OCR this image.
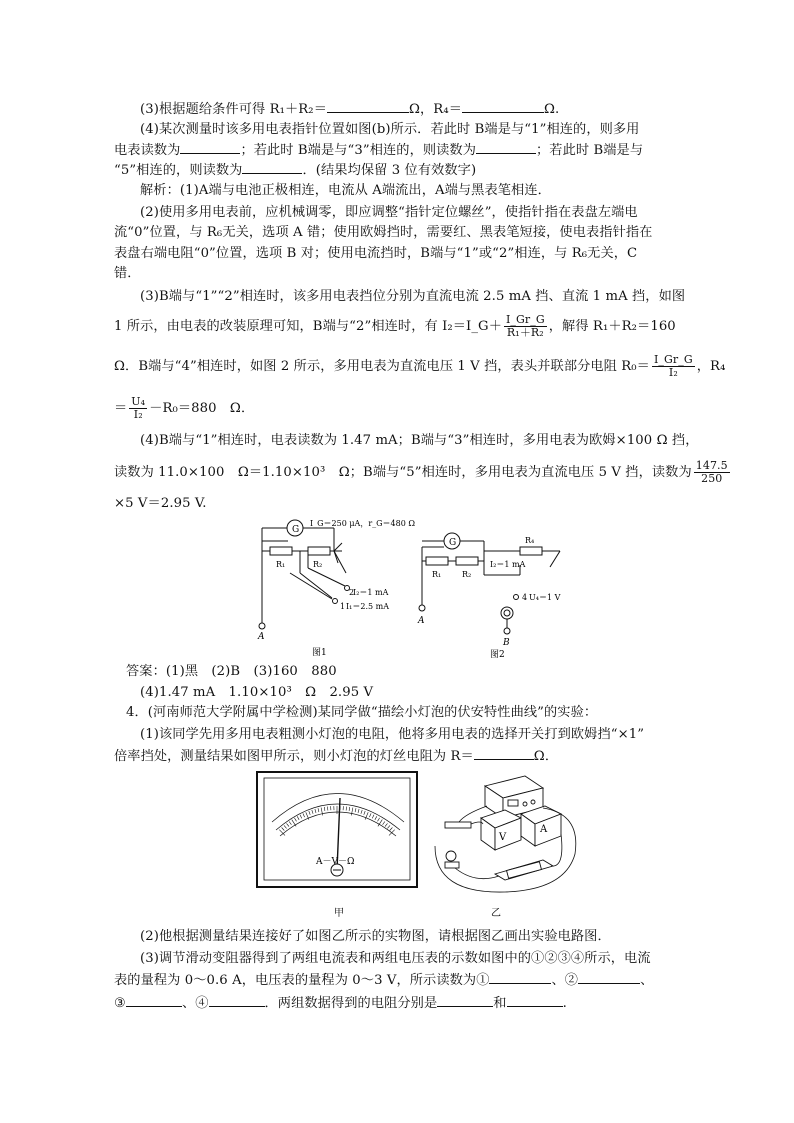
(3)根据题给条件可得 R₁＋R₂＝	Ω，R₄＝	Ω.
(4)某次测量时该多用电表指针位置如图(b)所示．若此时 B端是与“1”相连的，则多用
电表读数为	；若此时 B端是与“3”相连的，则读数为	；若此时 B端是与
“5”相连的，则读数为	．(结果均保留 3 位有效数字)
解析：(1)A端与电池正极相连，电流从 A端流出，A端与黑表笔相连．
(2)使用多用电表前，应机械调零，即应调整“指针定位螺丝”，使指针指在表盘左端电
流“0”位置，与 R₆无关，选项 A 错；使用欧姆挡时，需要红、黑表笔短接，使电表指针指在
表盘右端电阻“0”位置，选项 B 对；使用电流挡时，B端与“1”或“2”相连，与 R₆无关，C
错．
(3)B端与“1”“2”相连时，该多用电表挡位分别为直流电流 2.5 mA 挡、直流 1 mA 挡，如图
1 所示，由电表的改装原理可知，B端与“2”相连时，有 I₂＝I_G＋ $\frac{I\_Gr\_G}{\text{R₁＋R₂}}$ ，解得 R₁＋R₂＝160
Ω．B端与“4”相连时，如图 2 所示，多用电表为直流电压 1 V 挡，表头并联部分电阻 $R_0= \frac{I\_Gr\_G}{\text{I₂}}$ ，R₄
＝ $\frac{\text{U₄}}{\text{I₂}} -R_0=880$　Ω．
(4)B端与“1”相连时，电表读数为 1.47 mA；B端与“3”相连时，多用电表为欧姆×100 Ω 挡，
读数为 11.0×100　Ω＝1.10×10³　Ω；B端与“5”相连时，多用电表为直流电压 5 V 挡，读数为 $\frac{147.5}{250}$
×5 V＝2.95 V.
G
I_G＝250 μA，r_G＝480 Ω
R₁	R₂
2
I₂＝1 mA
1 I₁＝2.5 mA
A
图1
G
R₁	R₂
R₄
I₂＝1 mA
4 U₄＝1 V
A
B
图2
答案：(1)黑　(2)B　(3)160　880
(4)1.47 mA　1.10×10³　Ω　2.95 V
4．(河南师范大学附属中学检测)某同学做“描绘小灯泡的伏安特性曲线”的实验：
(1)该同学先用多用电表粗测小灯泡的电阻，他将多用电表的选择开关打到欧姆挡“×1”
倍率挡处，测量结果如图甲所示，则小灯泡的灯丝电阻为 R＝	Ω．
A－V－Ω
甲
V
A
乙
(2)他根据测量结果连接好了如图乙所示的实物图，请根据图乙画出实验电路图．
(3)调节滑动变阻器得到了两组电流表和两组电压表的示数如图中的①②③④所示，电流
表的量程为 0～0.6 A，电压表的量程为 0～3 V，所示读数为①	、②	、
③	、④	．两组数据得到的电阻分别是	和	.
